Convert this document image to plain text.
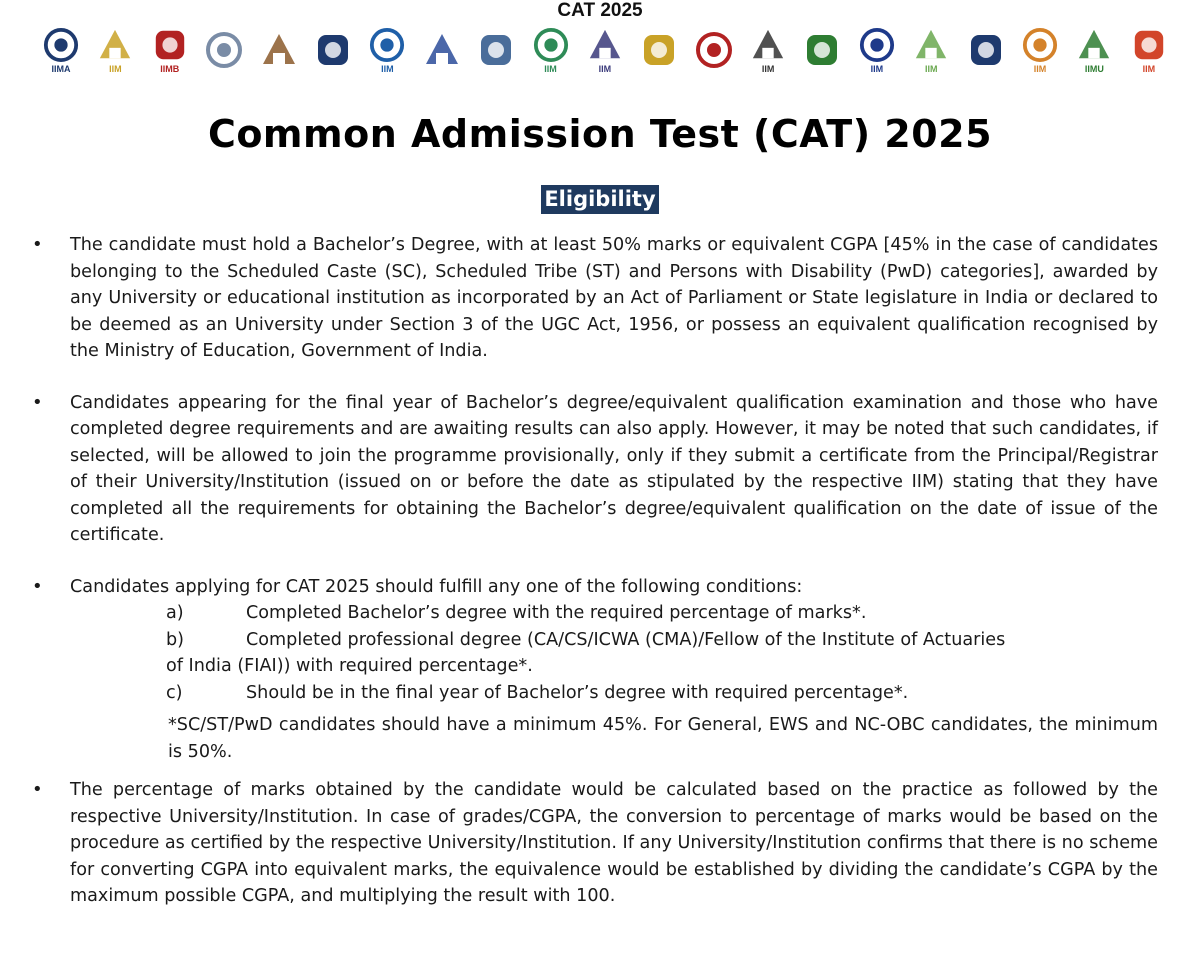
CAT 2025
IIMA	IIM	IIMB	IIM	IIM	IIM	IIM	IIM	IIM	IIM	IIMU	IIM
Common Admission Test (CAT) 2025
Eligibility
• The candidate must hold a Bachelor’s Degree, with at least 50% marks or equivalent CGPA [45% in the case of candidates belonging to the Scheduled Caste (SC), Scheduled Tribe (ST) and Persons with Disability (PwD) categories], awarded by any University or educational institution as incorporated by an Act of Parliament or State legislature in India or declared to be deemed as an University under Section 3 of the UGC Act, 1956, or possess an equivalent qualification recognised by the Ministry of Education, Government of India.
• Candidates appearing for the final year of Bachelor’s degree/equivalent qualification examination and those who have completed degree requirements and are awaiting results can also apply. However, it may be noted that such candidates, if selected, will be allowed to join the programme provisionally, only if they submit a certificate from the Principal/Registrar of their University/Institution (issued on or before the date as stipulated by the respective IIM) stating that they have completed all the requirements for obtaining the Bachelor’s degree/equivalent qualification on the date of issue of the certificate.
• Candidates applying for CAT 2025 should fulfill any one of the following conditions:
a)	Completed Bachelor’s degree with the required percentage of marks*.
b)	Completed professional degree (CA/CS/ICWA (CMA)/Fellow of the Institute of Actuaries
of India (FIAI)) with required percentage*.
c)	Should be in the final year of Bachelor’s degree with required percentage*.
*SC/ST/PwD candidates should have a minimum 45%. For General, EWS and NC-OBC candidates, the minimum is 50%.
• The percentage of marks obtained by the candidate would be calculated based on the practice as followed by the respective University/Institution. In case of grades/CGPA, the conversion to percentage of marks would be based on the procedure as certified by the respective University/Institution. If any University/Institution confirms that there is no scheme for converting CGPA into equivalent marks, the equivalence would be established by dividing the candidate’s CGPA by the maximum possible CGPA, and multiplying the result with 100.
